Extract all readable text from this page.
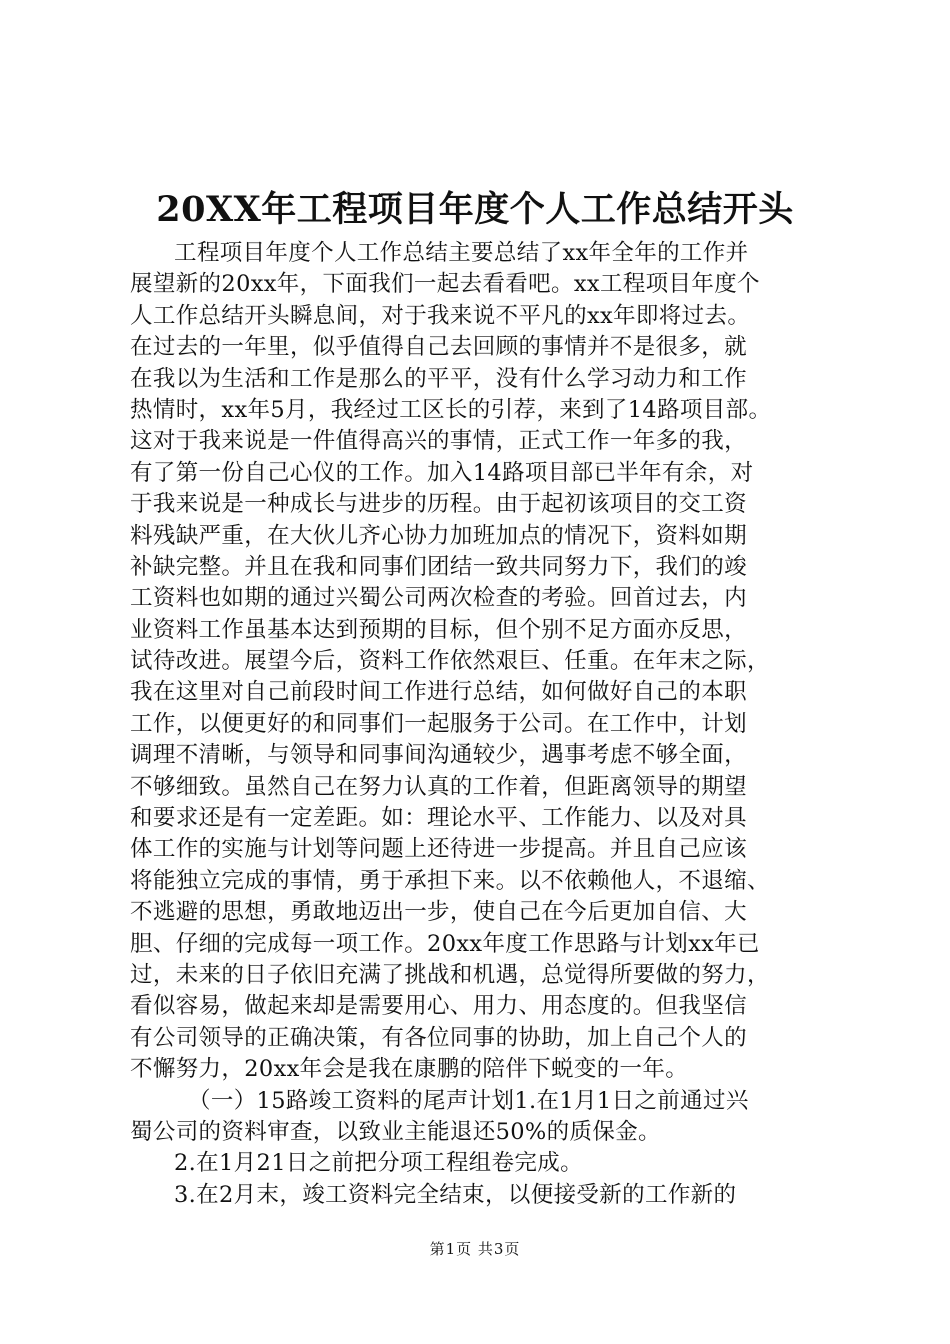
20XX年工程项目年度个人工作总结开头
工程项目年度个人工作总结主要总结了xx年全年的工作并
展望新的20xx年，下面我们一起去看看吧。xx工程项目年度个
人工作总结开头瞬息间，对于我来说不平凡的xx年即将过去。
在过去的一年里，似乎值得自己去回顾的事情并不是很多，就
在我以为生活和工作是那么的平平，没有什么学习动力和工作
热情时，xx年5月，我经过工区长的引荐，来到了14路项目部。
这对于我来说是一件值得高兴的事情，正式工作一年多的我，
有了第一份自己心仪的工作。加入14路项目部已半年有余，对
于我来说是一种成长与进步的历程。由于起初该项目的交工资
料残缺严重，在大伙儿齐心协力加班加点的情况下，资料如期
补缺完整。并且在我和同事们团结一致共同努力下，我们的竣
工资料也如期的通过兴蜀公司两次检查的考验。回首过去，内
业资料工作虽基本达到预期的目标，但个别不足方面亦反思，
试待改进。展望今后，资料工作依然艰巨、任重。在年末之际，
我在这里对自己前段时间工作进行总结，如何做好自己的本职
工作，以便更好的和同事们一起服务于公司。在工作中，计划
调理不清晰，与领导和同事间沟通较少，遇事考虑不够全面，
不够细致。虽然自己在努力认真的工作着，但距离领导的期望
和要求还是有一定差距。如：理论水平、工作能力、以及对具
体工作的实施与计划等问题上还待进一步提高。并且自己应该
将能独立完成的事情，勇于承担下来。以不依赖他人，不退缩、
不逃避的思想，勇敢地迈出一步，使自己在今后更加自信、大
胆、仔细的完成每一项工作。20xx年度工作思路与计划xx年已
过，未来的日子依旧充满了挑战和机遇，总觉得所要做的努力，
看似容易，做起来却是需要用心、用力、用态度的。但我坚信
有公司领导的正确决策，有各位同事的协助，加上自己个人的
不懈努力，20xx年会是我在康鹏的陪伴下蜕变的一年。
（一）15路竣工资料的尾声计划1.在1月1日之前通过兴
蜀公司的资料审查，以致业主能退还50%的质保金。
2.在1月21日之前把分项工程组卷完成。
3.在2月末，竣工资料完全结束，以便接受新的工作新的
第1页 共3页
